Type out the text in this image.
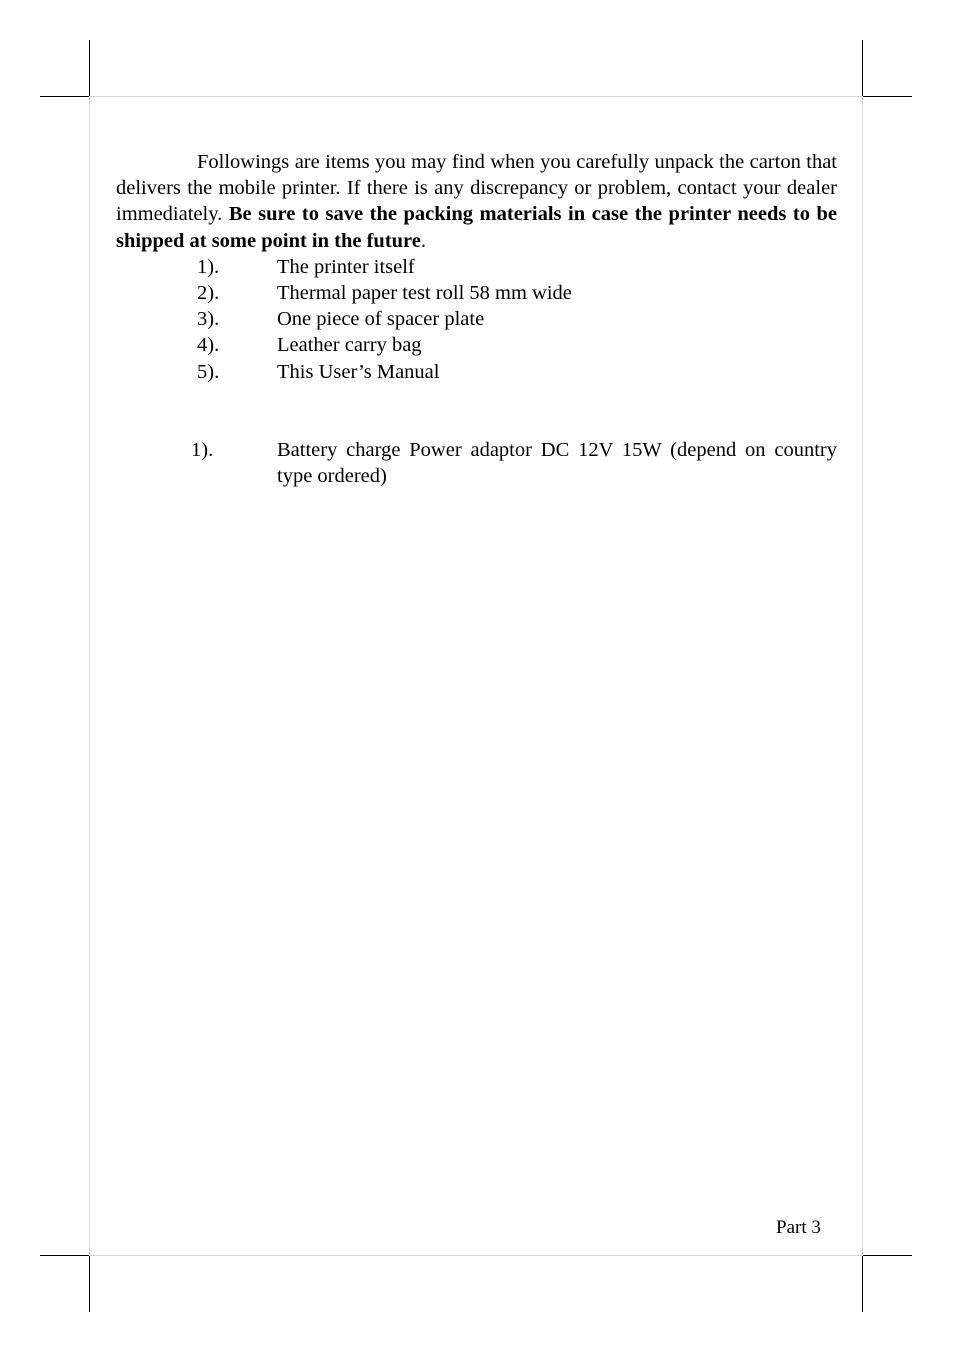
Followings are items you may find when you carefully unpack the carton that delivers the mobile printer. If there is any discrepancy or problem, contact your dealer immediately. Be sure to save the packing materials in case the printer needs to be shipped at some point in the future.

1).	The printer itself
2).	Thermal paper test roll 58 mm wide
3).	One piece of spacer plate
4).	Leather carry bag
5).	This User’s Manual
1).	Battery charge Power adaptor DC 12V 15W (depend on country type ordered)
Part 3
